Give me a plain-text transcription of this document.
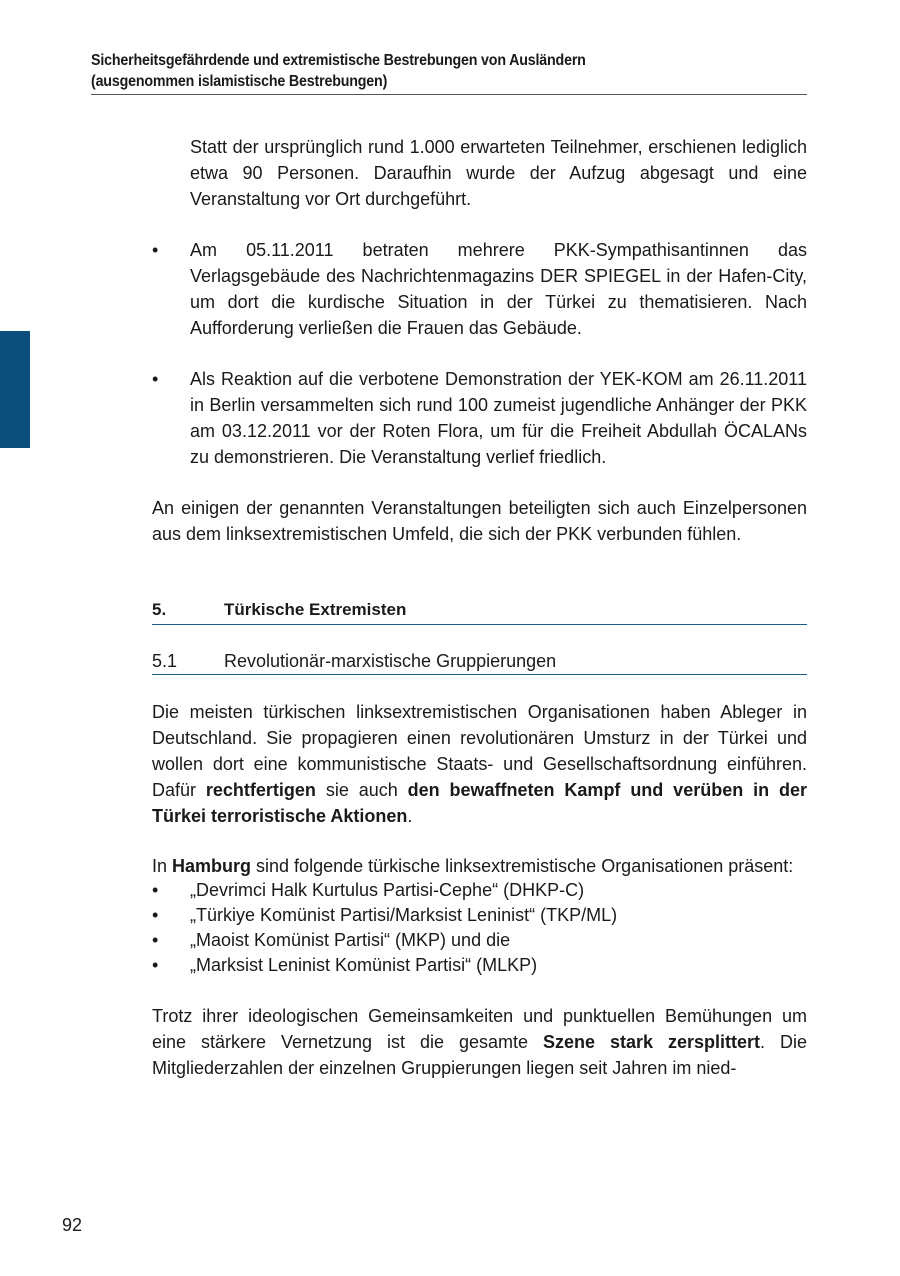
Sicherheitsgefährdende und extremistische Bestrebungen von Ausländern
(ausgenommen islamistische Bestrebungen)

Statt der ursprünglich rund 1.000 erwarteten Teilnehmer, erschienen lediglich etwa 90 Personen. Daraufhin wurde der Aufzug abgesagt und eine Veranstaltung vor Ort durchgeführt.

•	Am 05.11.2011 betraten mehrere PKK-Sympathisantinnen das Verlagsgebäude des Nachrichtenmagazins DER SPIEGEL in der Hafen-City, um dort die kurdische Situation in der Türkei zu thematisieren. Nach Aufforderung verließen die Frauen das Gebäude.

•	Als Reaktion auf die verbotene Demonstration der YEK-KOM am 26.11.2011 in Berlin versammelten sich rund 100 zumeist jugendliche Anhänger der PKK am 03.12.2011 vor der Roten Flora, um für die Freiheit Abdullah ÖCALANs zu demonstrieren. Die Veranstaltung verlief friedlich.

An einigen der genannten Veranstaltungen beteiligten sich auch Einzelpersonen aus dem linksextremistischen Umfeld, die sich der PKK verbunden fühlen.

5.	Türkische Extremisten
5.1	Revolutionär-marxistische Gruppierungen

Die meisten türkischen linksextremistischen Organisationen haben Ableger in Deutschland. Sie propagieren einen revolutionären Umsturz in der Türkei und wollen dort eine kommunistische Staats- und Gesellschaftsordnung einführen. Dafür rechtfertigen sie auch den bewaffneten Kampf und verüben in der Türkei terroristische Aktionen.

In Hamburg sind folgende türkische linksextremistische Organisationen präsent:

• „Devrimci Halk Kurtulus Partisi-Cephe“ (DHKP-C)
• „Türkiye Komünist Partisi/Marksist Leninist“ (TKP/ML)
• „Maoist Komünist Partisi“ (MKP) und die
• „Marksist Leninist Komünist Partisi“ (MLKP)

Trotz ihrer ideologischen Gemeinsamkeiten und punktuellen Bemühungen um eine stärkere Vernetzung ist die gesamte Szene stark zersplittert. Die Mitgliederzahlen der einzelnen Gruppierungen liegen seit Jahren im nied-

92
